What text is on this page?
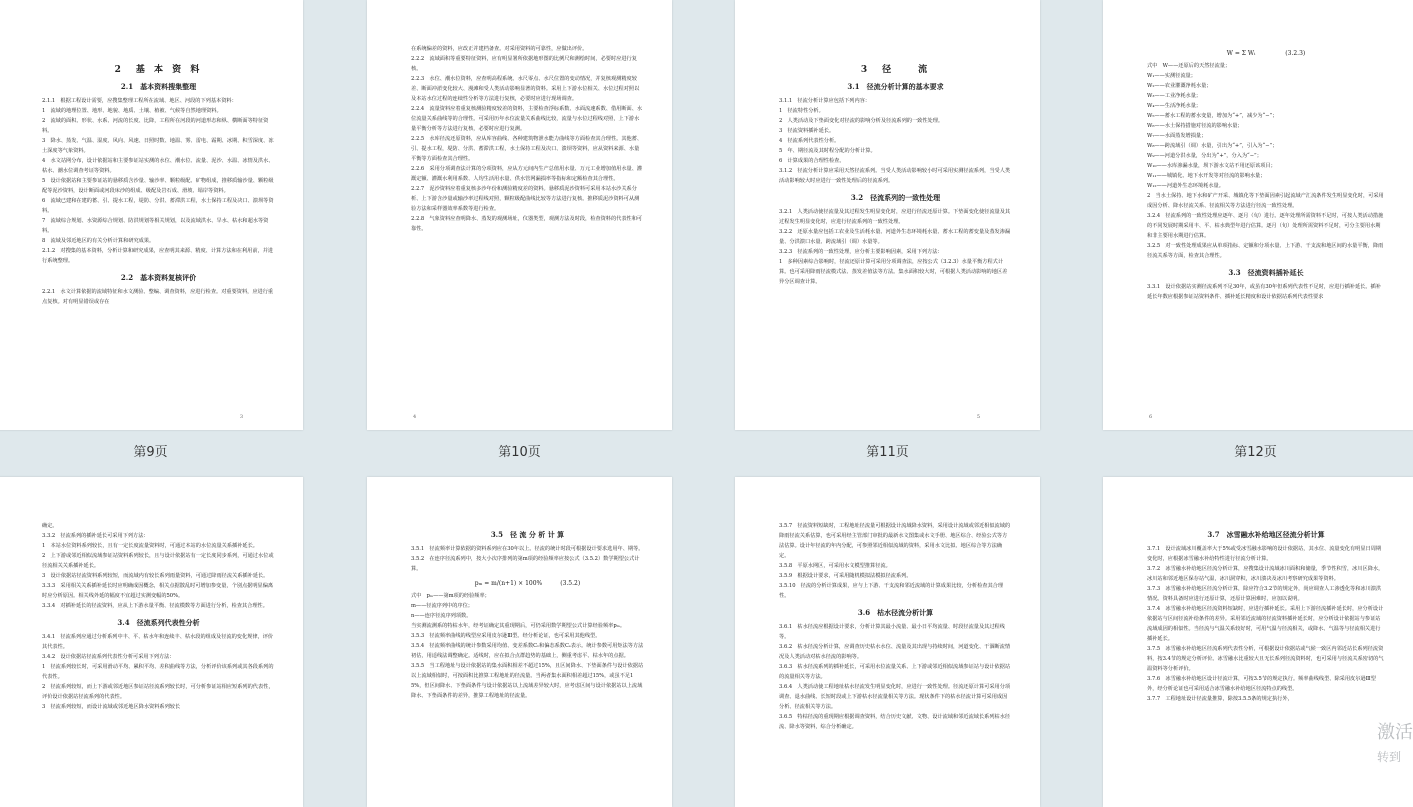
2　基 本 资 料
2.1　基本资料搜集整理

2.1.1　根据工程设计需要，应搜集整理工程所在流域、地区、河段的下列基本资料：

1　流域的地理位置、地形、地貌、地质、土壤、植被、气候等自然地理资料。

2　流域的面积、形状、水系、河流的长度、比降，工程所在河段的河道形态和纵、横断面等特征资料。

3　降水、蒸发、气温、湿度、风向、风速、日照时数、地温、雾、雷电、霜期、冰期、积雪深度、冻土深度等气象资料。

4　水文站网分布，设计依据站和主要参证站实测的水位、潮水位、流量、泥沙、水温、冰情及洪水、枯水、潮水位调查考证等资料。

5　设计依据站和主要参证站的悬移质含沙量、输沙率、颗粒级配、矿物组成，推移质输沙量、颗粒级配等泥沙资料，设计断面或河段床沙的组成、级配及岩石成、滑坡、塌岸等资料。

6　流域已建和在建的蓄、引、提水工程，堤防、分洪、蓄滞洪工程，水土保持工程及决口、溃坝等资料。

7　流域综合规划、水资源综合规划、防洪规划等相关规划，以及流域洪水、旱水、枯水和超水等资料。

8　流域及邻近地区的有关分析计算和研究成果。

2.1.2　对搜集的基本资料，分析计算和研究成果，应查明其来源、精度、计算方法和在利用前，并进行系统整理。

2.2　基本资料复核评价

2.2.1　水文计算依据的流域特征和水文测验、整编、调查资料，应进行检查。对重要资料，应进行重点复核。对有明显错误或存在

3

在系统偏差的资料，应改正并建档备查。对采用资料的可靠性，应做出评价。

2.2.2　流域面积等重要特征资料，应有明显署所依据地形图的比例尺和测绘时间，必要时应进行复核。

2.2.3　水位、潮水位资料，应查明高程系统、水尺零点、水尺位置的变动情况，并复核观测精度较差、断面冲淤变化较大、漫滩和受人类活动影响显著的资料。采用上下游水位相关、水位过程对照以及本站水位过程的连续性分析等方法进行复核，必要时应进行现场调查。

2.2.4　流量资料应着重复核测验精度较差的资料，主要检查浮标系数、水面流速系数、借用断面、水位流量关系曲线等的合理性。可采用历年水位流量关系曲线比较，流量与水位过程线对照，上下游水量平衡分析等方法进行复核，必要时应进行复测。

2.2.5　水库径流还原资料，应从库容曲线、各种建筑物泄水能力曲线等方面检查其合理性。其他蓄、引、提水工程，堤防、分洪、蓄滞洪工程，水土保持工程及决口、溃坝等资料，应从资料来源、水量平衡等方面检查其合理性。

2.2.6　采用分项调查法计算的分项资料，应从方元间内生产总值用水量、万元工业增加值用水量、灌溉定额、灌溉水利用系数、人均生活用水量、供水管网漏损率等指标和定额检查其合理性。

2.2.7　泥沙资料应着重复核多沙年份和测验精度差的资料。悬移质泥沙资料可采用本站水沙关系分析、上下游含沙量或输沙率过程线对照，颗粒级配曲线比较等方法进行复核。推移质泥沙资料可从测验方法和采样器效率系数等进行检查。

2.2.8　气象资料应查明降水、蒸发的观测场址，仪器类型，观测方法及时段，检查资料的代表性和可靠性。

4
3　径　　流
3.1　径流分析计算的基本要求

3.1.1　径流分析计算应包括下列内容：

1　径流特性分析。

2　人类活动及下垫面变化对径流的影响分析及径流系列的一致性处理。

3　径流资料插补延长。

4　径流系列代表性分析。

5　年、期径流及其时程分配的分析计算。

6　计算成果的合理性检查。

3.1.2　径流分析计算应采用天然径流系列。当受人类活动影响较小时可采用实测径流系列，当受人类活动影响较大时应进行一致性处理后的径流系列。

3.2　径流系列的一致性处理

3.2.1　人类活动使径流量及其过程发生明显变化时，应进行径流还原计算。下垫面变化使径流量及其过程发生明显变化时，应进行径流系列的一致性处理。

3.2.2　还原水量应包括工农业及生活耗水量、河道外生态环境耗水量、蓄水工程的蓄变量及蒸发渗漏量、分洪溃口水量、跨流域引（调）水量等。

3.2.3　径流系列的一致性处理，应分析主要影响因素，采用下列方法：

1　多种因素综合影响时，径流还原计算可采用分项调查法，应按公式（3.2.3）水量平衡方程式计算。也可采用降雨径流模式法、蒸发差值法等方法。集水面积较大时，可根据人类活动影响的地区差异分区调查计算。

5
W = Σ Wᵢ　　　　　(3.2.3)

式中　W——还原后的天然径流量；

W₁——实测径流量；

W₂——农业灌溉净耗水量；

W₃——工业净耗水量；

W₄——生活净耗水量；

W₅——蓄水工程的蓄水变量，增加为“+”，减少为“−”；

W₆——水土保持措施对径流的影响水量；

W₇——水面蒸发增损量；

W₈——跨流域引（调）水量，引出为“+”，引入为“−”；

W₉——河道分洪水量，分出为“+”，分入为“−”；

W₁₀——水库渗漏水量，坝下游水文站不用还原该项目；

W₁₁——城镇化、地下水开发等对径流的影响水量；

W₁₂——河道外生态环境耗水量。

2　当水土保持、地下水和矿产开采、城镇化等下垫面因素引起流域产汇流条件发生明显变化时，可采用成因分析、降水径流关系、径流相关等方法进行径流一致性处理。

3.2.4　径流系列的一致性处理应逐年、逐月（旬）进行。逐年处理所需资料不足时，可按人类活动措施的不同发展时期采用丰、平、枯水典型年进行估算。逐月（旬）处理所需资料不足时，可分主要用水期和非主要用水期进行估算。

3.2.5　对一致性处理成果应从单项指标、定额和分项水量、上下游、干支流和地区间的水量平衡，降雨径流关系等方面，检查其合理性。

3.3　径流资料插补延长

3.3.1　设计依据站实测径流系列不足30年，或虽有30年但系列代表性不足时，应进行插补延长。插补延长年数应根据参证站资料条件、插补延长精度和设计依据站系列代表性要求

6
第9页	第10页	第11页	第12页

确定。

3.3.2　径流系列的插补延长可采用下列方法：

1　本站水位资料系列较长，且有一定长度流量资料时，可通过本站的水位流量关系插补延长。

2　上下游或邻近相似流域参证站资料系列较长，且与设计依据站有一定长度同步系列，可通过水位或径流相关关系插补延长。

3　设计依据站径流资料系列较短，而流域内有较长系列雨量资料，可通过降雨径流关系插补延长。

3.3.3　采用相关关系插补延长时应明确成因概念，相关点据散乱时可增加参变量，个别点据明显偏离时应分析原因。相关线外延的幅度不宜超过实测变幅的50%。

3.3.4　对插补延长的径流资料，应从上下游水量平衡、径流模数等方面进行分析，检查其合理性。

3.4　径流系列代表性分析

3.4.1　径流系列应通过分析系列中丰、平、枯水年和连续丰、枯水段的组成及径流的变化规律，评价其代表性。

3.4.2　设计依据站径流系列代表性分析可采用下列方法：

1　径流系列较长时，可采用滑动平均、累积平均、差积曲线等方法，分析评价该系列或其各段系列的代表性。

2　径流系列较短，而上下游或邻近地区参证站径流系列较长时，可分析参证站相应短系列的代表性，评价设计依据站径流系列的代表性。

3　径流系列较短，而设计流域或邻近地区降水资料系列较长

3.5　径 流 分 析 计 算

3.5.1　径流频率计算依据的资料系列应在30年以上。径流的统计时段可根据设计要求选用年、期等。

3.5.2　在连序径流系列中，按大小次序排列的第m项的经验频率应按公式（3.5.2）数学期望公式计算。

pₘ = m/(n+1) × 100%　　　(3.5.2)

式中　pₘ——第m项的经验频率；

m——径流序列中的序位；

n——连序径流序列项数。

当实测流测系的特枯水年，经考证确定其重现期后，可仍采用数学期望公式计算经验频率pₘ。

3.5.3　径流频率曲线的线型应采用皮尔逊Ⅲ型。经分析论证，也可采用其他线型。

3.5.4　径流频率曲线的统计参数采用均值、变差系数Cᵥ和偏态系数Cₛ表示。统计参数可用矩法等方法初估，用适线法调整确定。适线时，应在拟合点群趋势的基础上，侧重考虑平、枯水年的点据。

3.5.5　当工程地址与设计依据站的集水面积相差不超过15%，且区间降水、下垫面条件与设计依据站以上流域相似时，可按面积比推算工程地址的径流量。当两者集水面积相差超过15%，或虽不足15%，但区间降水、下垫面条件与设计依据站以上流域差异较大时，应考虑区间与设计依据站以上流域降水、下垫面条件的差异，推算工程地址的径流量。

3.5.7　径流资料短缺时，工程地址径流量可根据设计流域降水资料，采用设计流域或邻近相似流域的降雨径流关系估算，也可采用经主管部门审批的最新水文图集或水文手册、地区综合、经验公式等方法估算。设计年径流的年内分配，可参照邻近相似流域的资料，采用水文比拟、地区综合等方法确定。

3.5.8　平原水网区，可采用水文模型推算径流。

3.5.9　根据设计要求，可采用随机模拟法模拟径流系列。

3.5.10　径流的分析计算成果，应与上下游、干支流和邻近流域的计算成果比较，分析检查其合理性。

3.6　枯水径流分析计算

3.6.1　枯水径流应根据设计要求，分析计算其最小流量、最小日平均流量、时段径流量及其过程线等。

3.6.2　枯水径流分析计算，应调查历史枯水水位、流量及其出现与持续时间，河道变化、干涸断流情况及人类活动对枯水径流的影响等。

3.6.3　枯水径流系列的插补延长，可采用水位流量关系、上下游或邻近相似流域参证站与设计依据站的流量相关等方法。

3.6.4　人类活动使工程地址枯水径流发生明显变化时，应进行一致性处理。径流还原计算可采用分项调查、退水曲线、长短时段或上下游枯水径流量相关等方法。现状条件下的枯水径流计算可采用成因分析、径流相关等方法。

3.6.5　特枯径流的重现期应根据调查资料，结合历史文献、文物、设计流域和邻近流域长系列枯水径流、降水等资料，综合分析确定。

3.7　冰雪融水补给地区径流分析计算

3.7.1　设计流域冰川覆盖率大于5%或受冰雪融水影响的设计依据站，其水位、流量变化有明显日周期变化时，应根据冰雪融水补给特性进行径流分析计算。

3.7.2　冰雪融水补给地区径流分析计算，应搜集设计流域冰川面积和储量，季节性积雪，冰川区降水，冰川站和邻近地区保存站气温，冰川洞穿积，冰川溃决及冰川考察研究成果等资料。

3.7.3　冰雪融水补给地区径流分析计算，除应符合3.2节的规定外，尚应调查人工渗透化等和冰川溃洪情况。资料具备时应进行还原计算，还原计算困难时，应加以说明。

3.7.4　冰雪融水补给地区径流资料短缺时，应进行插补延长。采用上下游径流插补延长时，应分析设计依据站与区间径流补给条件的差异。采用邻近流域的径流资料插补延长时，应分析设计依据站与参证站流域成因的相似性。当径流与气温关系较好时，可用气温与径流相关，或降水、气温等与径流相关进行插补延长。

3.7.5　冰雪融水补给地区径流系列代表性分析，可根据设计依据站或气候一致区内邻近站长系列径流资料，按3.4节的规定分析评价。冰雪融水比重较大且无长系列径流资料时，也可采用与径流关系密切的气温资料等分析评价。

3.7.6　冰雪融水补给地区设计径流计算，可按3.5节的规定执行。频率曲线线型、除采用皮尔逊Ⅲ型外，经分析论证也可采用适合冰雪融水补给地区径流特点的线型。

3.7.7　工程地址设计径流量推算，除按3.5.5条的规定执行外，

激活
转到
